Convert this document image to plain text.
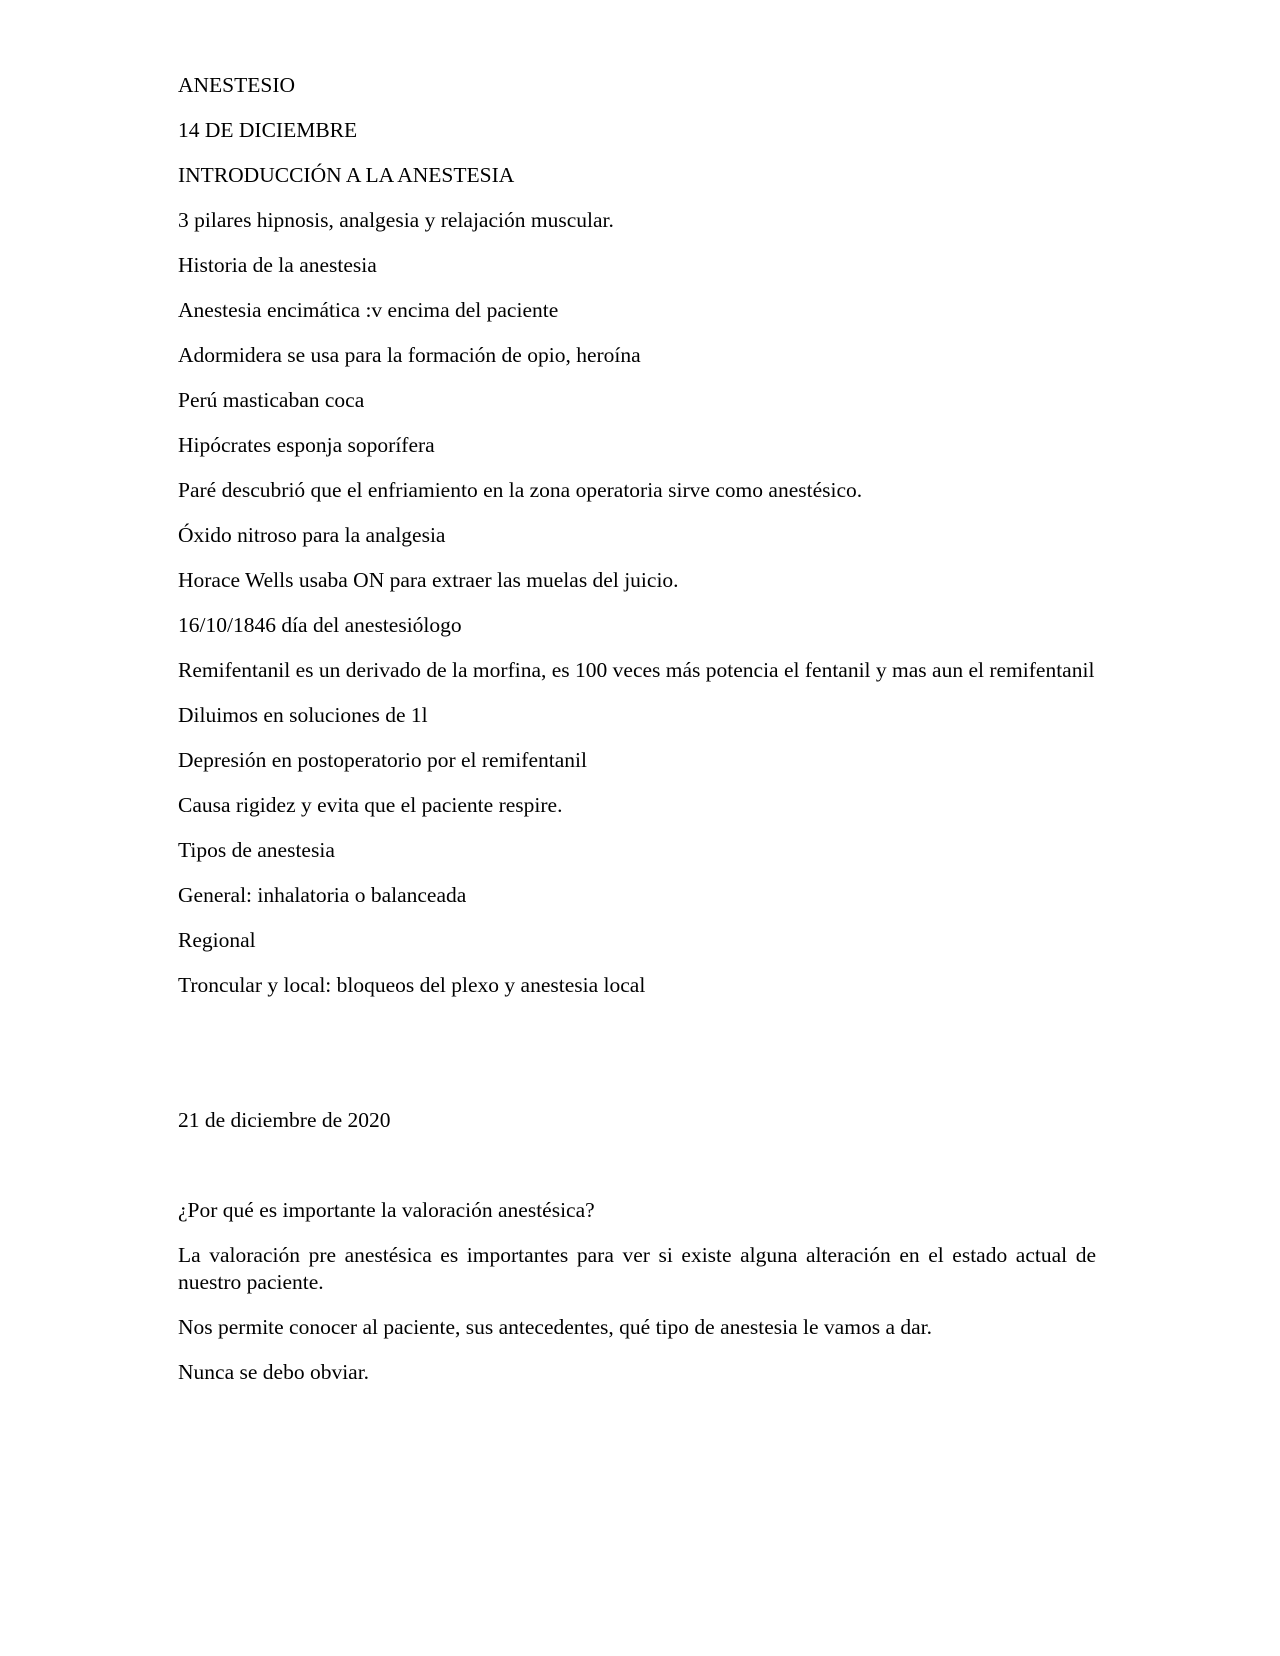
ANESTESIO

14 DE DICIEMBRE

INTRODUCCIÓN A LA ANESTESIA

3 pilares hipnosis, analgesia y relajación muscular.

Historia de la anestesia

Anestesia encimática :v encima del paciente

Adormidera se usa para la formación de opio, heroína

Perú masticaban coca

Hipócrates esponja soporífera

Paré descubrió que el enfriamiento en la zona operatoria sirve como anestésico.

Óxido nitroso para la analgesia

Horace Wells usaba ON para extraer las muelas del juicio.

16/10/1846 día del anestesiólogo

Remifentanil es un derivado de la morfina, es 100 veces más potencia el fentanil y mas aun el remifentanil

Diluimos en soluciones de 1l

Depresión en postoperatorio por el remifentanil

Causa rigidez y evita que el paciente respire.

Tipos de anestesia

General: inhalatoria o balanceada

Regional

Troncular y local: bloqueos del plexo y anestesia local

21 de diciembre de 2020

¿Por qué es importante la valoración anestésica?

La valoración pre anestésica es importantes para ver si existe alguna alteración en el estado actual de nuestro paciente.

Nos permite conocer al paciente, sus antecedentes, qué tipo de anestesia le vamos a dar.

Nunca se debo obviar.
